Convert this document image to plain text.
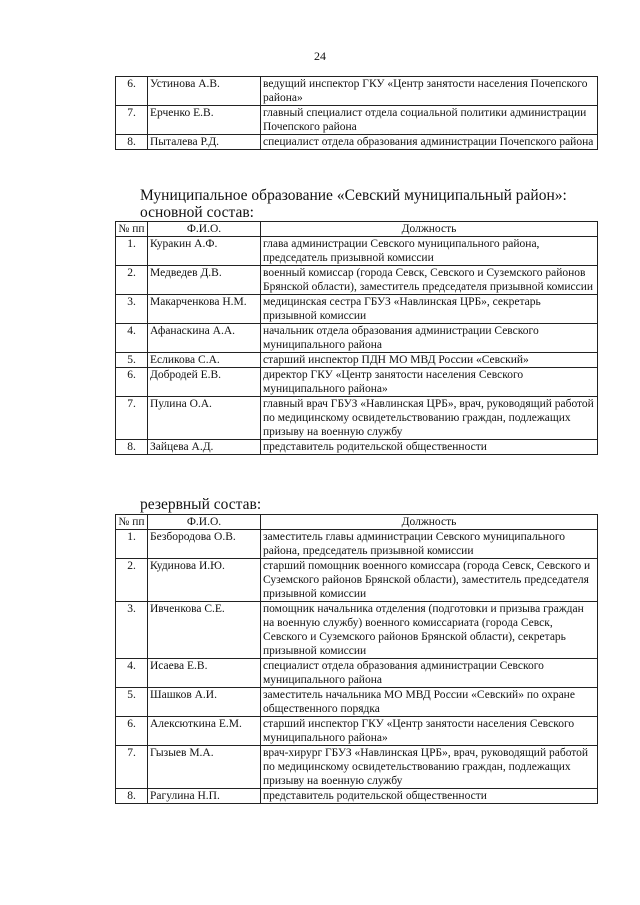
24
6.	Устинова А.В.	ведущий инспектор ГКУ «Центр занятости населения Почепского района»
7.	Ерченко Е.В.	главный специалист отдела социальной политики администрации Почепского района
8.	Пыталева Р.Д.	специалист отдела образования администрации Почепского района
Муниципальное образование «Севский муниципальный район»:
основной состав:
№ пп	Ф.И.О.	Должность
1.	Куракин А.Ф.	глава администрации Севского муниципального района, председатель призывной комиссии
2.	Медведев Д.В.	военный комиссар (города Севск, Севского и Суземского районов Брянской области), заместитель председателя призывной комиссии
3.	Макарченкова Н.М.	медицинская сестра ГБУЗ «Навлинская ЦРБ», секретарь призывной комиссии
4.	Афанаскина А.А.	начальник отдела образования администрации Севского муниципального района
5.	Есликова С.А.	старший инспектор ПДН МО МВД России «Севский»
6.	Добродей Е.В.	директор ГКУ «Центр занятости населения Севского муниципального района»
7.	Пулина О.А.	главный врач ГБУЗ «Навлинская ЦРБ», врач, руководящий работой по медицинскому освидетельствованию граждан, подлежащих призыву на военную службу
8.	Зайцева А.Д.	представитель родительской общественности
резервный состав:
№ пп	Ф.И.О.	Должность
1.	Безбородова О.В.	заместитель главы администрации Севского муниципального района, председатель призывной комиссии
2.	Кудинова И.Ю.	старший помощник военного комиссара (города Севск, Севского и Суземского районов Брянской области), заместитель председателя призывной комиссии
3.	Ивченкова С.Е.	помощник начальника отделения (подготовки и призыва граждан на военную службу) военного комиссариата (города Севск, Севского и Суземского районов Брянской области), секретарь призывной комиссии
4.	Исаева Е.В.	специалист отдела образования администрации Севского муниципального района
5.	Шашков А.И.	заместитель начальника МО МВД России «Севский» по охране общественного порядка
6.	Алексюткина Е.М.	старший инспектор ГКУ «Центр занятости населения Севского муниципального района»
7.	Гызыев М.А.	врач-хирург ГБУЗ «Навлинская ЦРБ», врач, руководящий работой по медицинскому освидетельствованию граждан, подлежащих призыву на военную службу
8.	Рагулина Н.П.	представитель родительской общественности
